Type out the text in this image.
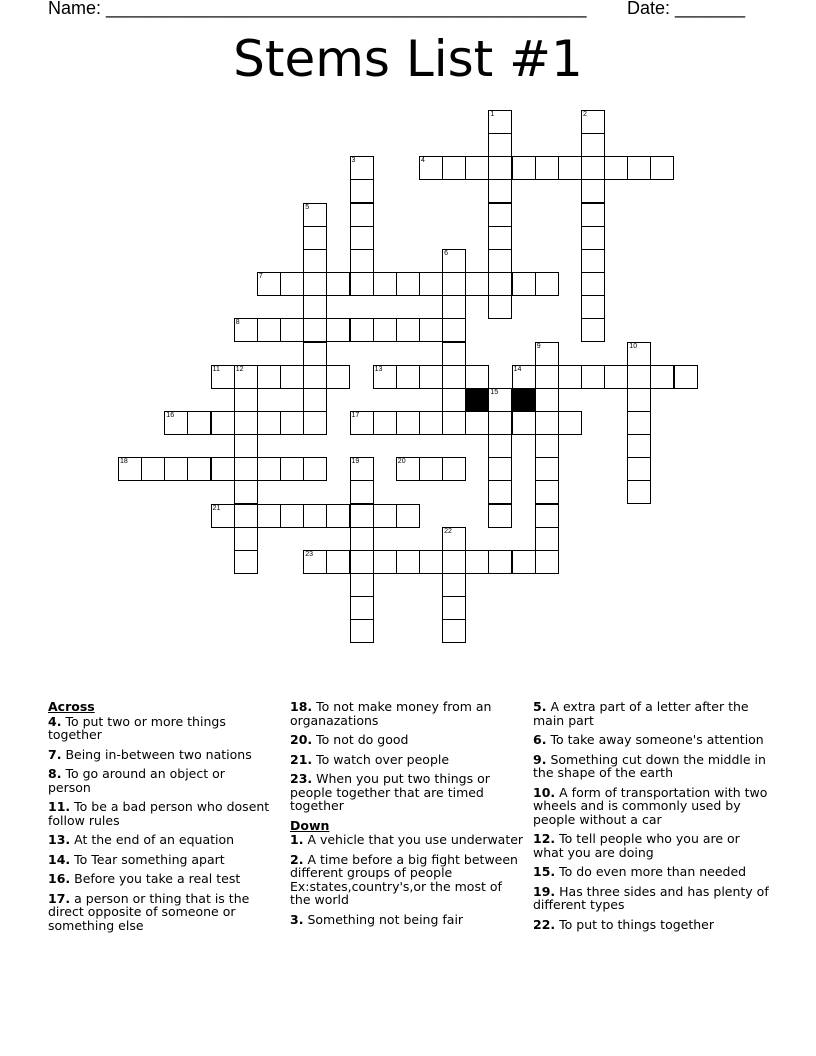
Name: ________________________________________________ Date: _______
Stems List #1
4
7
8
11 12	13	14
16	17
18	20
21
23
1	2
3
5
6
9	10
15
19
22
Across
4. To put two or more things together
7. Being in-between two nations
8. To go around an object or person
11. To be a bad person who dosent follow rules
13. At the end of an equation
14. To Tear something apart
16. Before you take a real test
17. a person or thing that is the direct opposite of someone or something else
18. To not make money from an organazations
20. To not do good
21. To watch over people
23. When you put two things or people together that are timed together
Down
1. A vehicle that you use underwater
2. A time before a big fight between different groups of people Ex:states,country's,or the most of the world
3. Something not being fair
5. A extra part of a letter after the main part
6. To take away someone's attention
9. Something cut down the middle in the shape of the earth
10. A form of transportation with two wheels and is commonly used by people without a car
12. To tell people who you are or what you are doing
15. To do even more than needed
19. Has three sides and has plenty of different types
22. To put to things together
